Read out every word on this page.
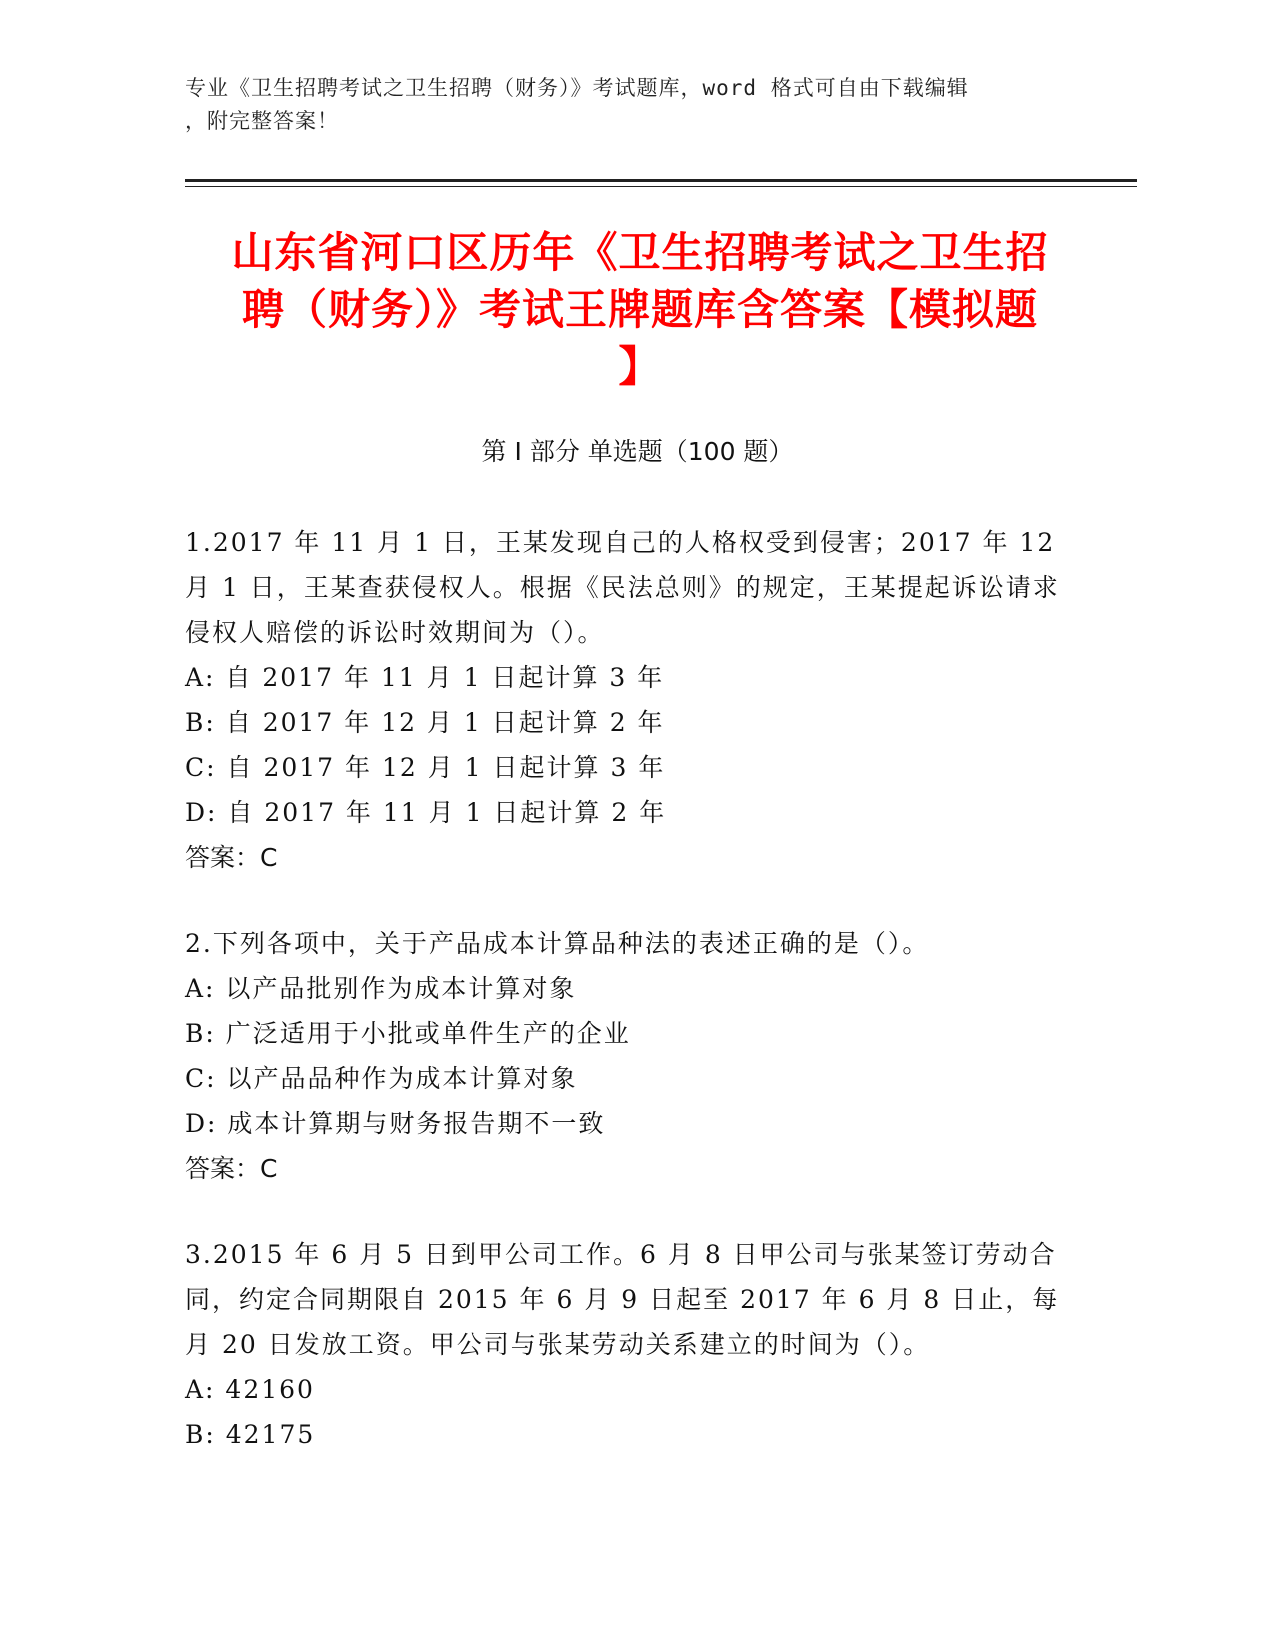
专业《卫生招聘考试之卫生招聘（财务）》考试题库，word 格式可自由下载编辑
，附完整答案！
山东省河口区历年《卫生招聘考试之卫生招
聘（财务）》考试王牌题库含答案【模拟题
】
第 I 部分 单选题（100 题）

1.2017 年 11 月 1 日，王某发现自己的人格权受到侵害；2017 年 12 月 1 日，王某查获侵权人。根据《民法总则》的规定，王某提起诉讼请求侵权人赔偿的诉讼时效期间为（）。

A: 自 2017 年 11 月 1 日起计算 3 年

B: 自 2017 年 12 月 1 日起计算 2 年

C: 自 2017 年 12 月 1 日起计算 3 年

D: 自 2017 年 11 月 1 日起计算 2 年

答案：C

2.下列各项中，关于产品成本计算品种法的表述正确的是（）。

A: 以产品批别作为成本计算对象

B: 广泛适用于小批或单件生产的企业

C: 以产品品种作为成本计算对象

D: 成本计算期与财务报告期不一致

答案：C

3.2015 年 6 月 5 日到甲公司工作。6 月 8 日甲公司与张某签订劳动合同，约定合同期限自 2015 年 6 月 9 日起至 2017 年 6 月 8 日止，每月 20 日发放工资。甲公司与张某劳动关系建立的时间为（）。

A: 42160

B: 42175
